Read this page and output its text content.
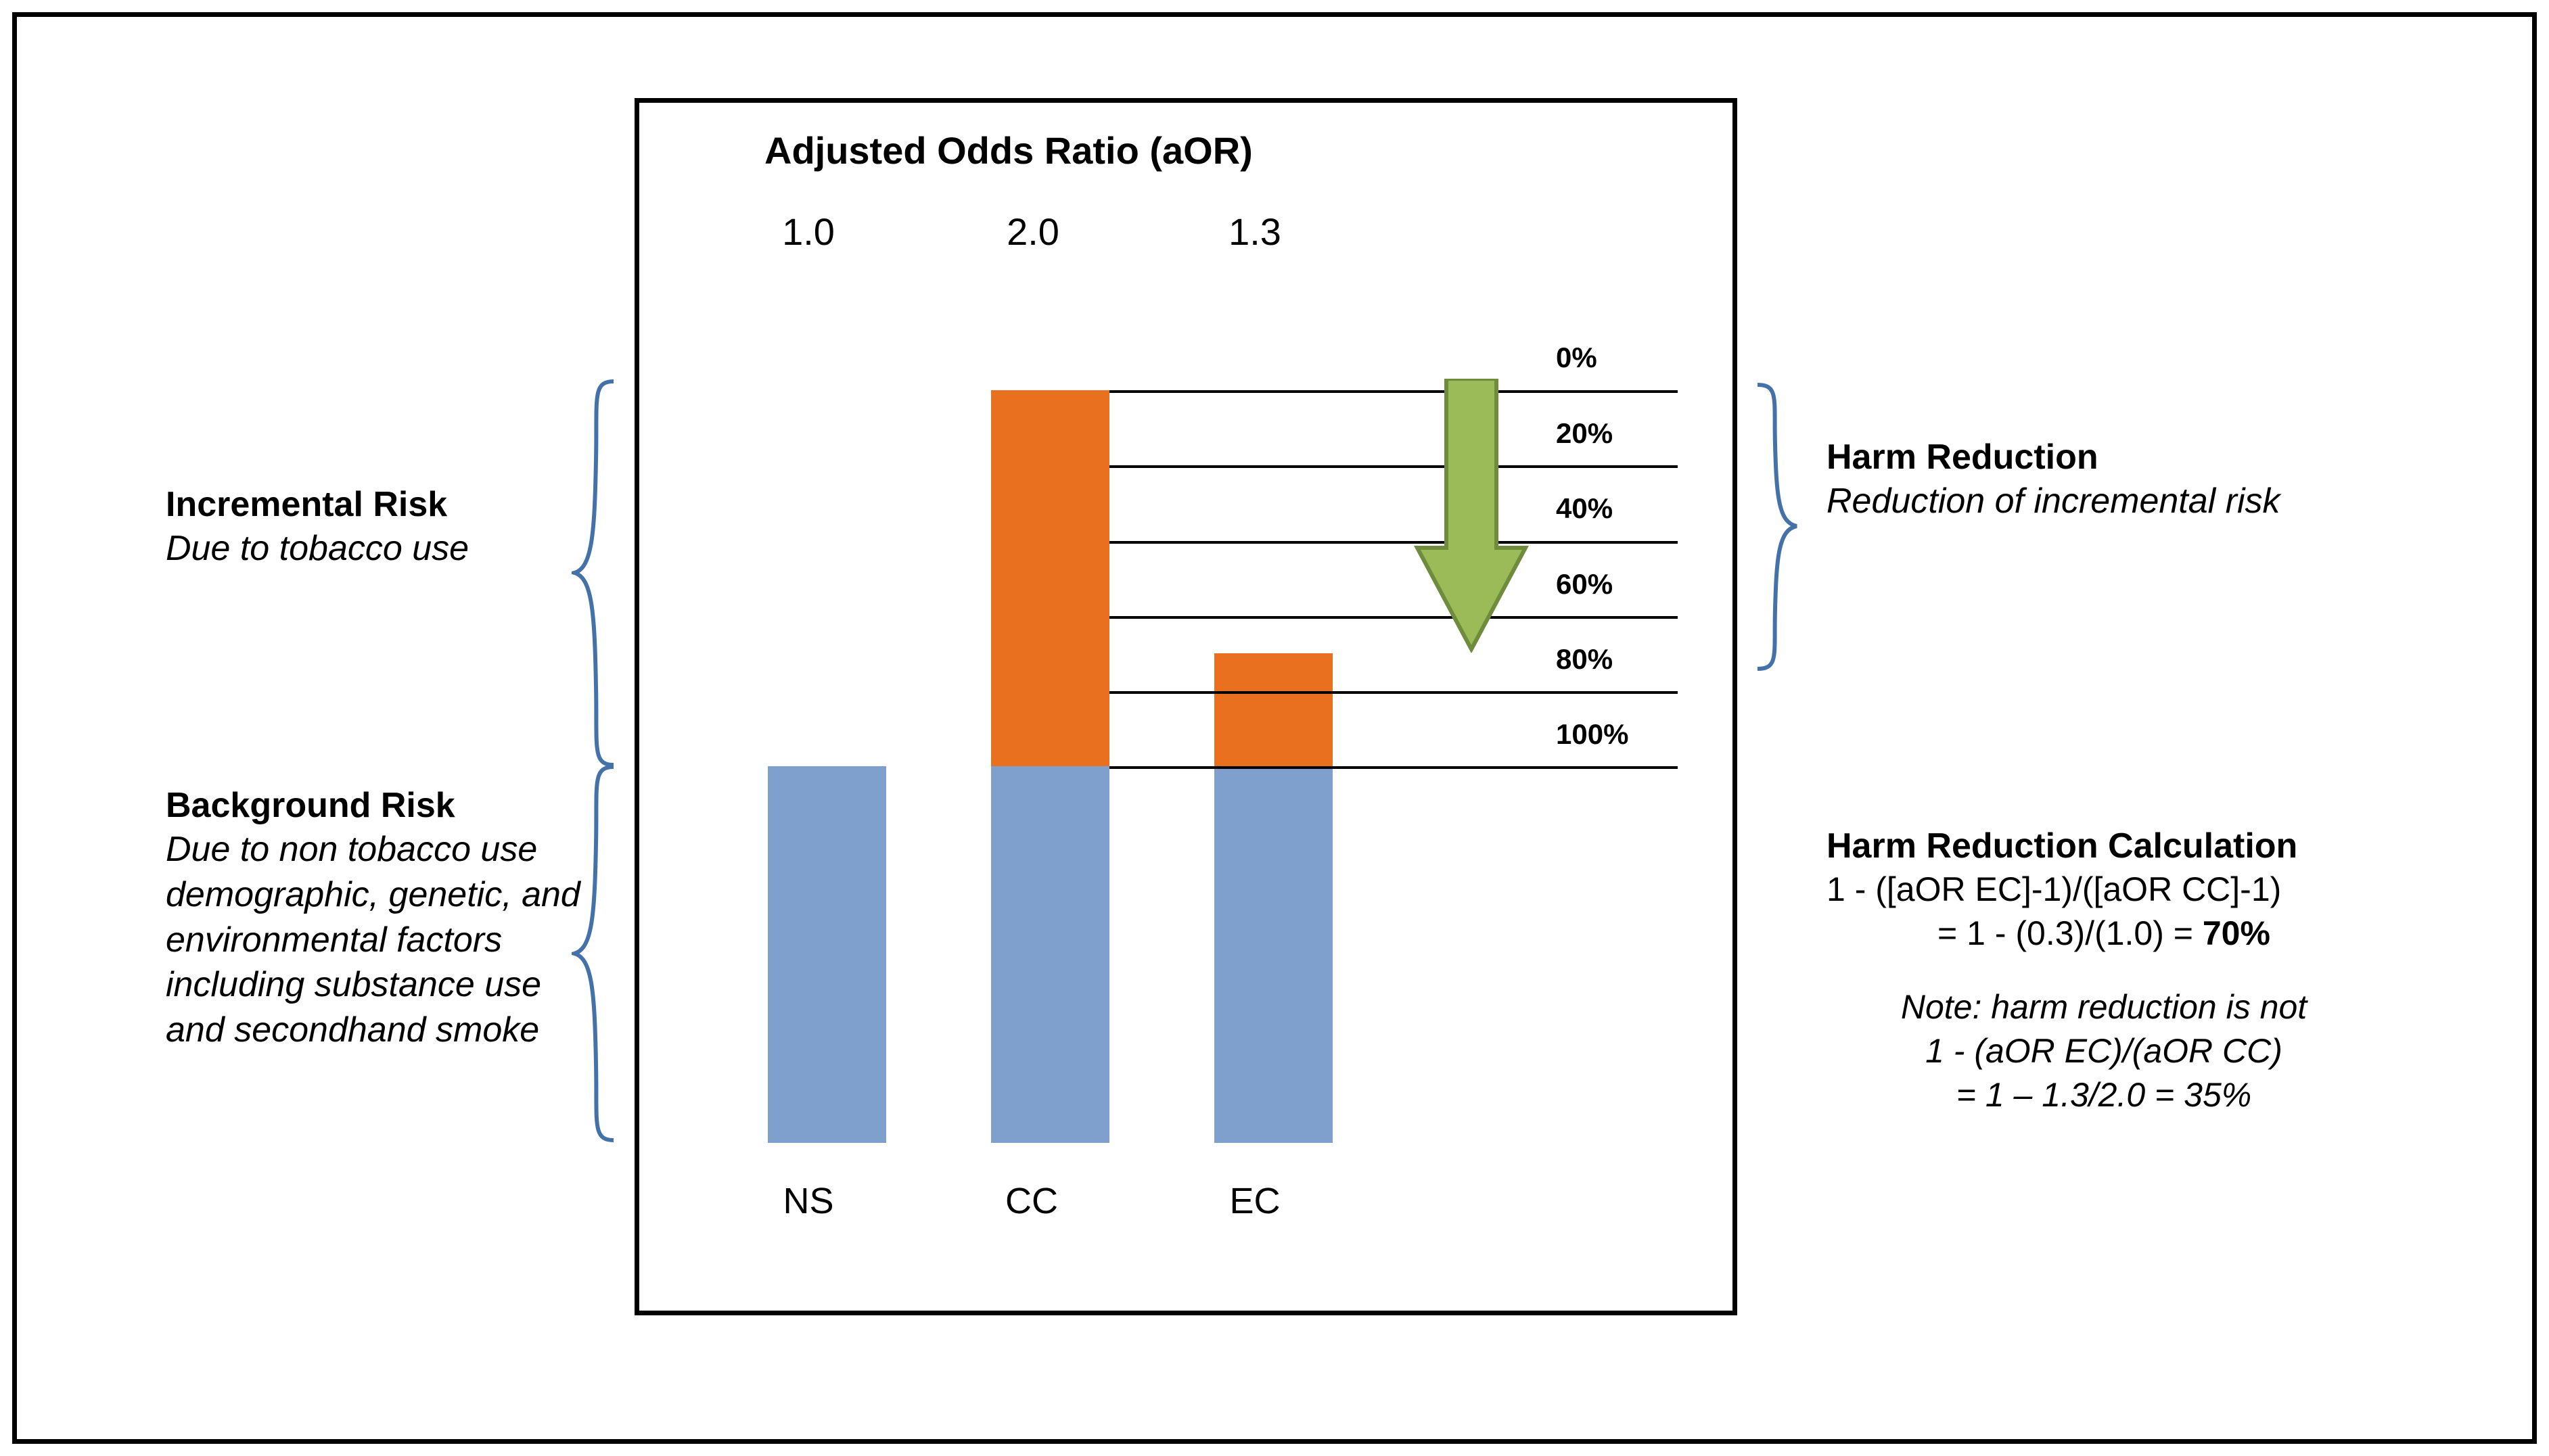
Adjusted Odds Ratio (aOR)
1.0	2.0	1.3
0%
20%
40%
60%
80%
100%
NS	CC	EC
Incremental Risk
Due to tobacco use
Background Risk
Due to non tobacco use demographic, genetic, and environmental factors including substance use and secondhand smoke
Harm Reduction
Reduction of incremental risk
Harm Reduction Calculation
1 - ([aOR EC]-1)/([aOR CC]-1)
= 1 - (0.3)/(1.0) = 70%
Note: harm reduction is not
1 - (aOR EC)/(aOR CC)
= 1 – 1.3/2.0 = 35%
